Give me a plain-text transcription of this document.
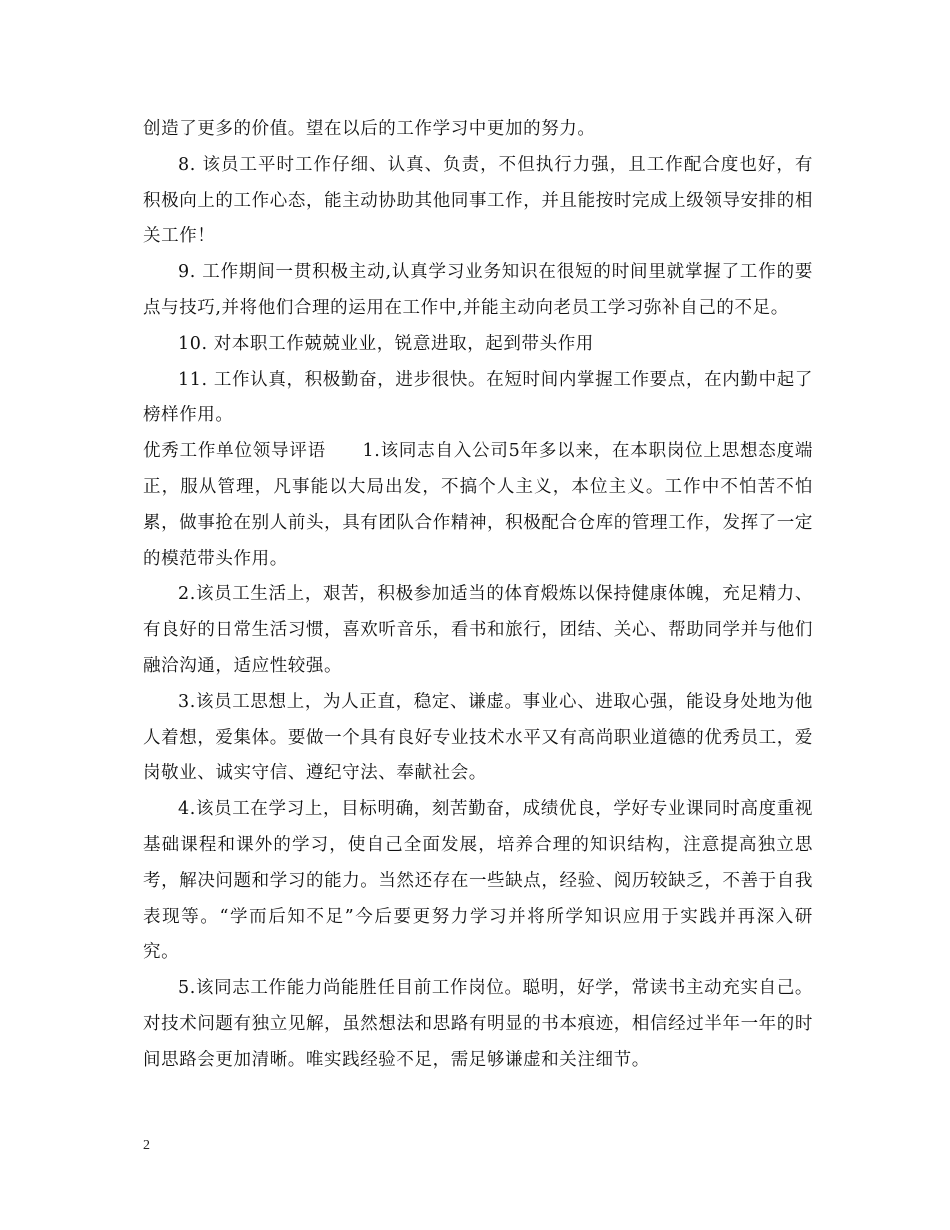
创造了更多的价值。望在以后的工作学习中更加的努力。

8. 该员工平时工作仔细、认真、负责，不但执行力强，且工作配合度也好，有积极向上的工作心态，能主动协助其他同事工作，并且能按时完成上级领导安排的相关工作！

9. 工作期间一贯积极主动,认真学习业务知识在很短的时间里就掌握了工作的要点与技巧,并将他们合理的运用在工作中,并能主动向老员工学习弥补自己的不足。

10. 对本职工作兢兢业业，锐意进取，起到带头作用

11. 工作认真，积极勤奋，进步很快。在短时间内掌握工作要点，在内勤中起了榜样作用。

优秀工作单位领导评语　　1.该同志自入公司5年多以来，在本职岗位上思想态度端正，服从管理，凡事能以大局出发，不搞个人主义，本位主义。工作中不怕苦不怕累，做事抢在别人前头，具有团队合作精神，积极配合仓库的管理工作，发挥了一定的模范带头作用。

2.该员工生活上，艰苦，积极参加适当的体育煅炼以保持健康体魄，充足精力、有良好的日常生活习惯，喜欢听音乐，看书和旅行，团结、关心、帮助同学并与他们融洽沟通，适应性较强。

3.该员工思想上，为人正直，稳定、谦虚。事业心、进取心强，能设身处地为他人着想，爱集体。要做一个具有良好专业技术水平又有高尚职业道德的优秀员工，爱岗敬业、诚实守信、遵纪守法、奉献社会。

4.该员工在学习上，目标明确，刻苦勤奋，成绩优良，学好专业课同时高度重视基础课程和课外的学习，使自己全面发展，培养合理的知识结构，注意提高独立思考，解决问题和学习的能力。当然还存在一些缺点，经验、阅历较缺乏，不善于自我表现等。“学而后知不足”今后要更努力学习并将所学知识应用于实践并再深入研究。

5.该同志工作能力尚能胜任目前工作岗位。聪明，好学，常读书主动充实自己。对技术问题有独立见解，虽然想法和思路有明显的书本痕迹，相信经过半年一年的时间思路会更加清晰。唯实践经验不足，需足够谦虚和关注细节。

2
